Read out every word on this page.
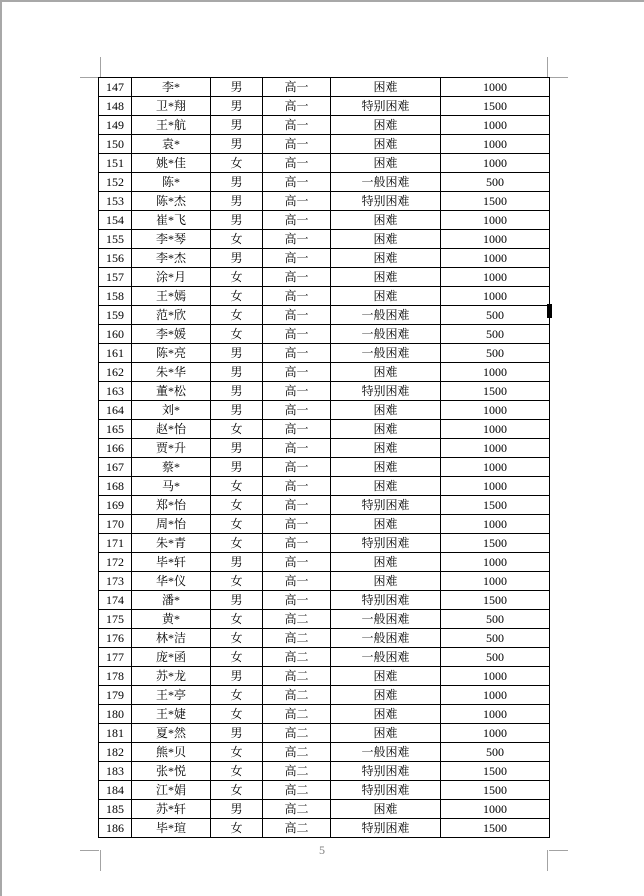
147	李*	男	高一	困难	1000
148	卫*翔	男	高一	特别困难	1500
149	王*航	男	高一	困难	1000
150	袁*	男	高一	困难	1000
151	姚*佳	女	高一	困难	1000
152	陈*	男	高一	一般困难	500
153	陈*杰	男	高一	特别困难	1500
154	崔*飞	男	高一	困难	1000
155	李*琴	女	高一	困难	1000
156	李*杰	男	高一	困难	1000
157	涂*月	女	高一	困难	1000
158	王*嫣	女	高一	困难	1000
159	范*欣	女	高一	一般困难	500
160	李*媛	女	高一	一般困难	500
161	陈*亮	男	高一	一般困难	500
162	朱*华	男	高一	困难	1000
163	董*松	男	高一	特别困难	1500
164	刘*	男	高一	困难	1000
165	赵*怡	女	高一	困难	1000
166	贾*升	男	高一	困难	1000
167	蔡*	男	高一	困难	1000
168	马*	女	高一	困难	1000
169	郑*怡	女	高一	特别困难	1500
170	周*怡	女	高一	困难	1000
171	朱*青	女	高一	特别困难	1500
172	毕*轩	男	高一	困难	1000
173	华*仪	女	高一	困难	1000
174	潘*	男	高一	特别困难	1500
175	黄*	女	高二	一般困难	500
176	林*洁	女	高二	一般困难	500
177	庞*函	女	高二	一般困难	500
178	苏*龙	男	高二	困难	1000
179	王*亭	女	高二	困难	1000
180	王*婕	女	高二	困难	1000
181	夏*然	男	高二	困难	1000
182	熊*贝	女	高二	一般困难	500
183	张*悦	女	高二	特别困难	1500
184	江*娟	女	高二	特别困难	1500
185	苏*轩	男	高二	困难	1000
186	毕*瑄	女	高二	特别困难	1500
5
